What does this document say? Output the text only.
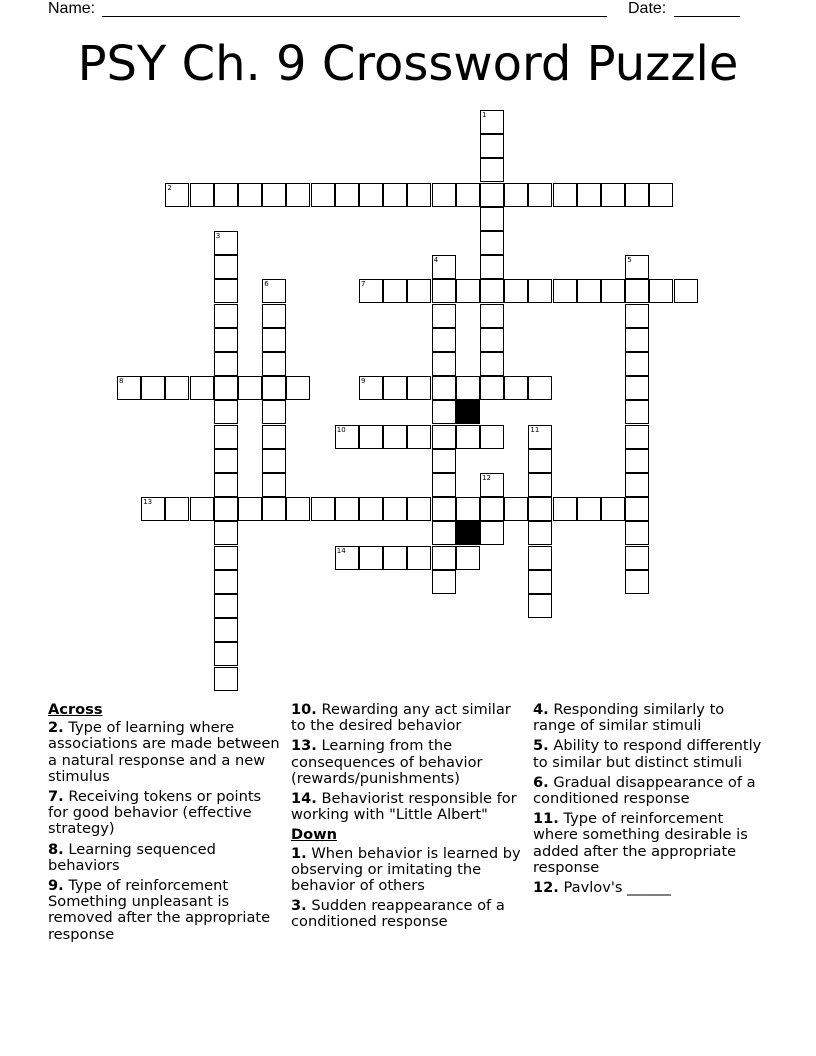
Name:	Date:
PSY Ch. 9 Crossword Puzzle
1
2
3
4	5
6	7
8	9
10	11
12
13
14
Across
2. Type of learning where associations are made between a natural response and a new stimulus
7. Receiving tokens or points for good behavior (effective strategy)
8. Learning sequenced behaviors
9. Type of reinforcement Something unpleasant is removed after the appropriate response
10. Rewarding any act similar to the desired behavior
13. Learning from the consequences of behavior (rewards/punishments)
14. Behaviorist responsible for working with "Little Albert"
Down
1. When behavior is learned by observing or imitating the behavior of others
3. Sudden reappearance of a conditioned response
4. Responding similarly to range of similar stimuli
5. Ability to respond differently to similar but distinct stimuli
6. Gradual disappearance of a conditioned response
11. Type of reinforcement where something desirable is added after the appropriate response
12. Pavlov's ______
